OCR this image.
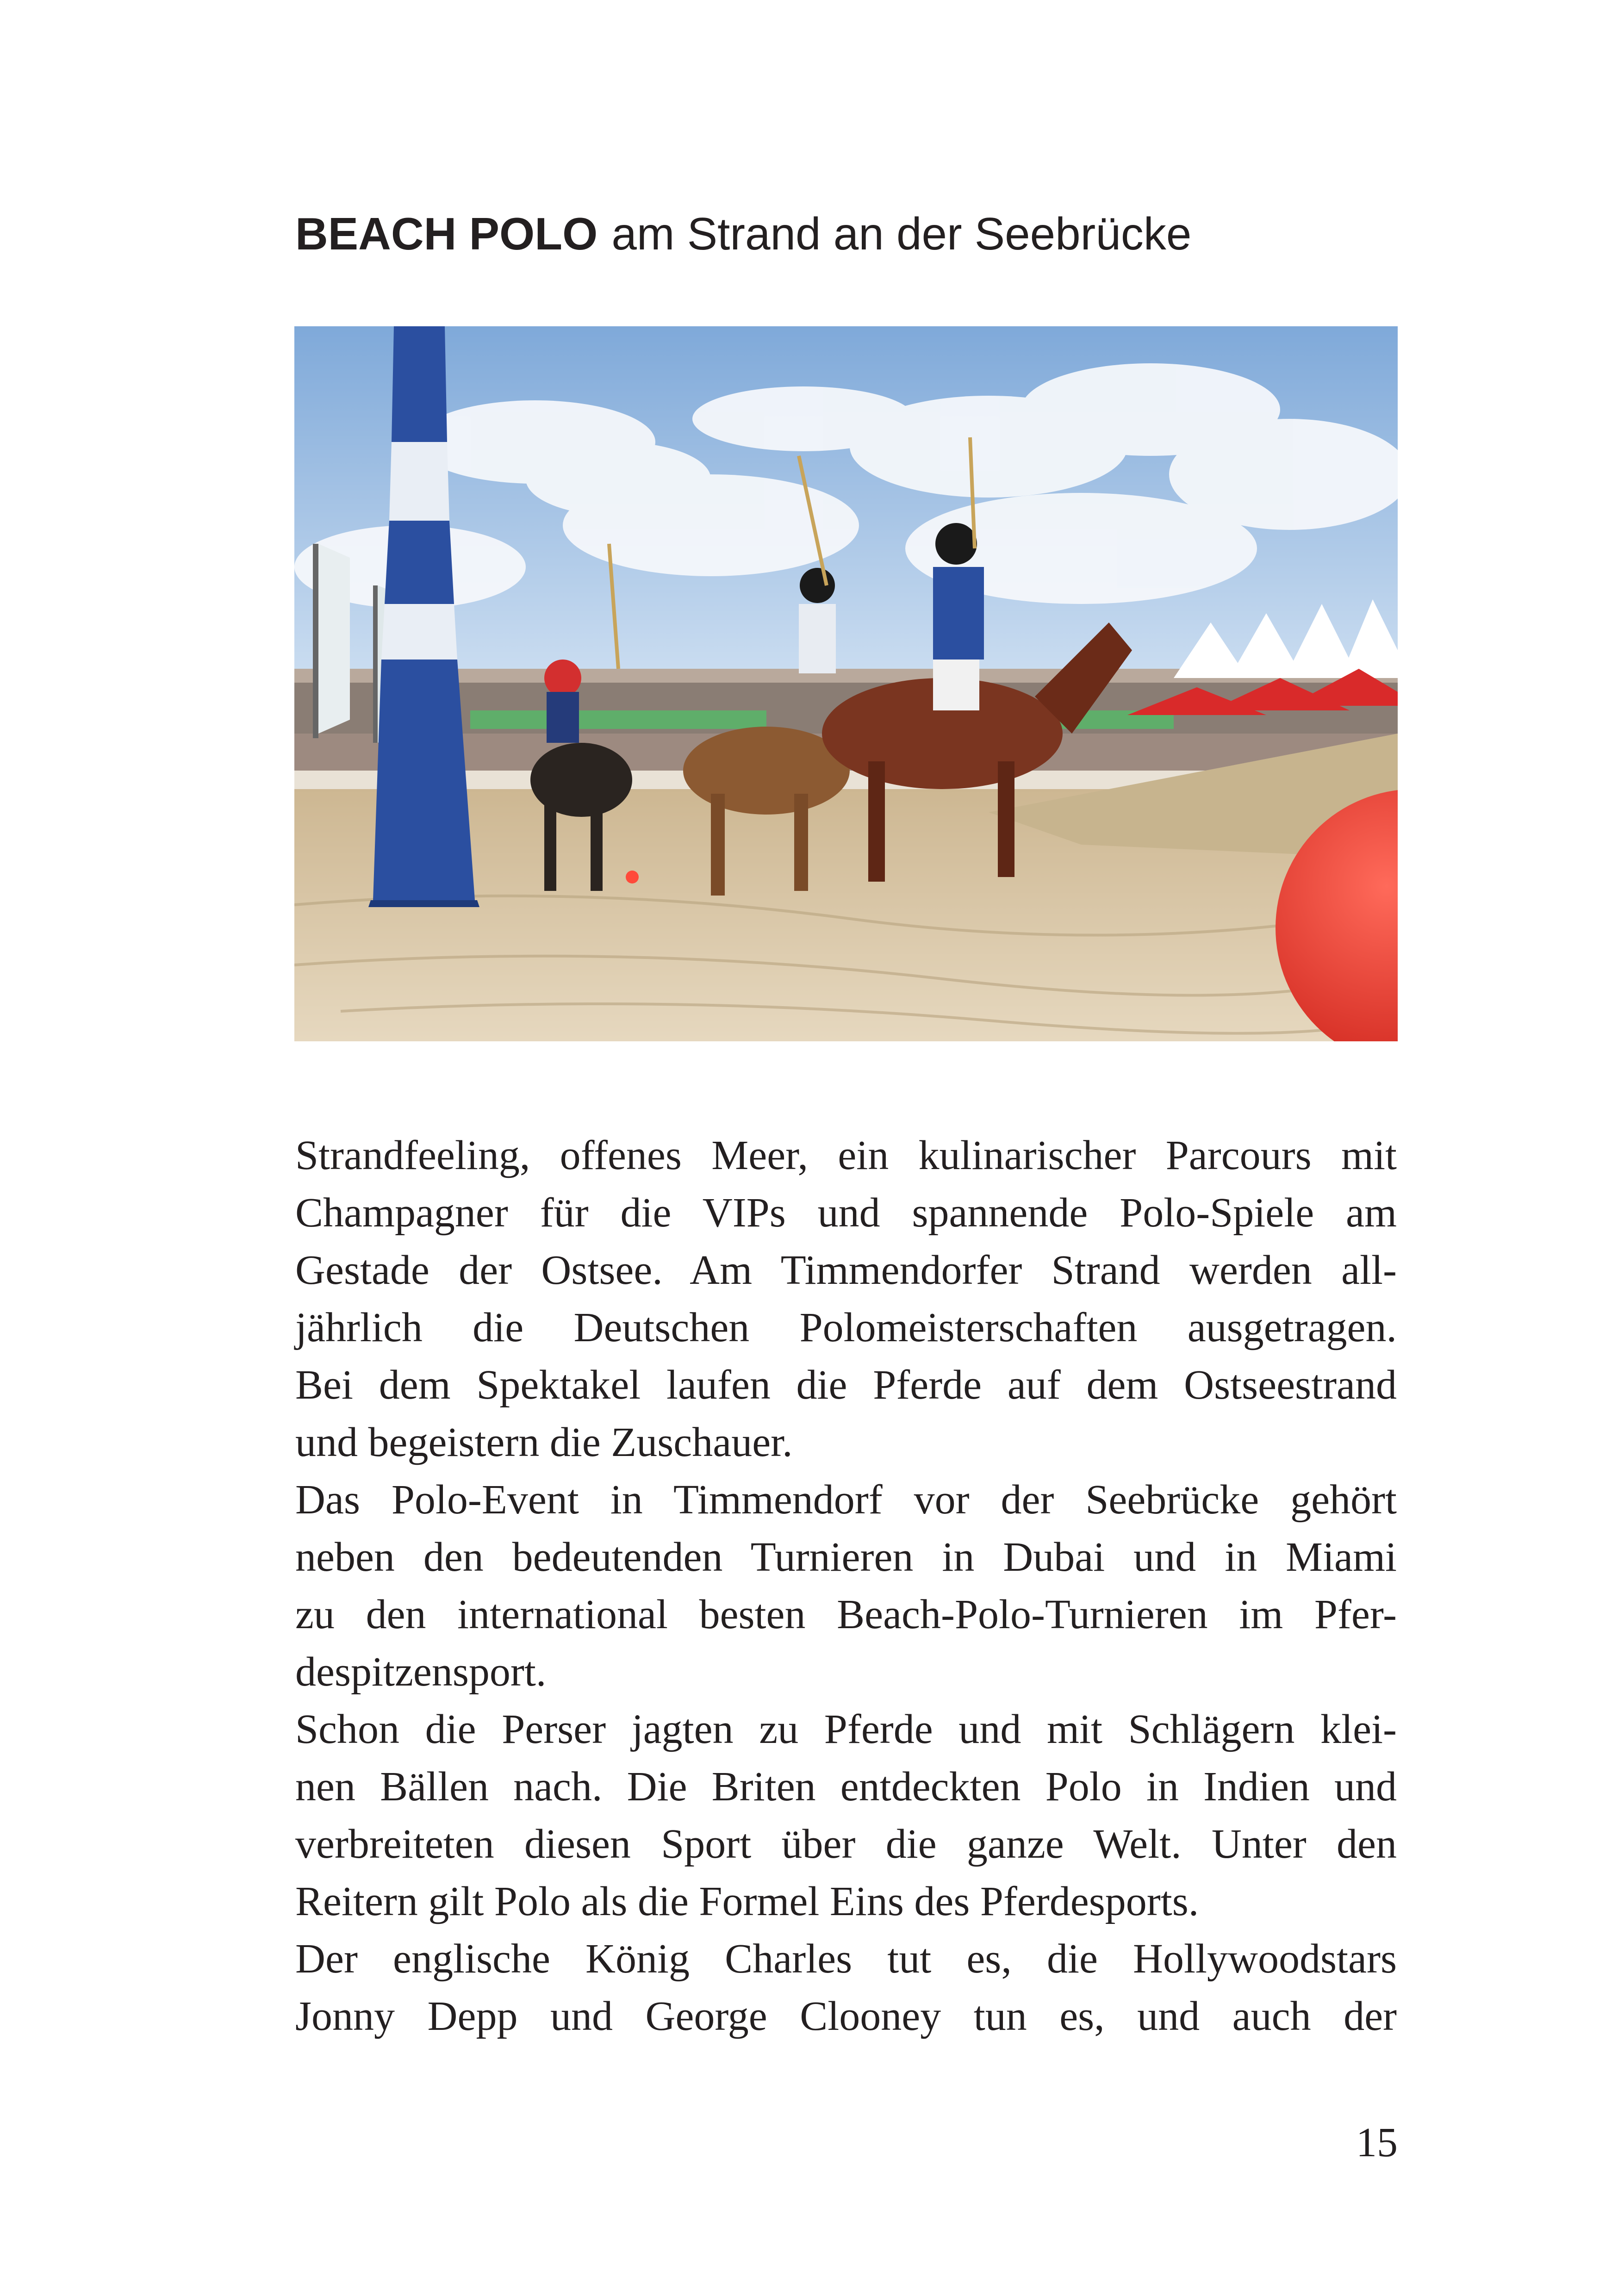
BEACH POLO am Strand an der Seebrücke
Strandfeeling, offenes Meer, ein kulinarischer Parcours mit
Champagner für die VIPs und spannende Polo-Spiele am
Gestade der Ostsee. Am Timmendorfer Strand werden all-
jährlich die Deutschen Polomeisterschaften ausgetragen.
Bei dem Spektakel laufen die Pferde auf dem Ostseestrand
und begeistern die Zuschauer.
Das Polo-Event in Timmendorf vor der Seebrücke gehört
neben den bedeutenden Turnieren in Dubai und in Miami
zu den international besten Beach-Polo-Turnieren im Pfer-
despitzensport.
Schon die Perser jagten zu Pferde und mit Schlägern klei-
nen Bällen nach. Die Briten entdeckten Polo in Indien und
verbreiteten diesen Sport über die ganze Welt. Unter den
Reitern gilt Polo als die Formel Eins des Pferdesports.
Der englische König Charles tut es, die Hollywoodstars
Jonny Depp und George Clooney tun es, und auch der
15
